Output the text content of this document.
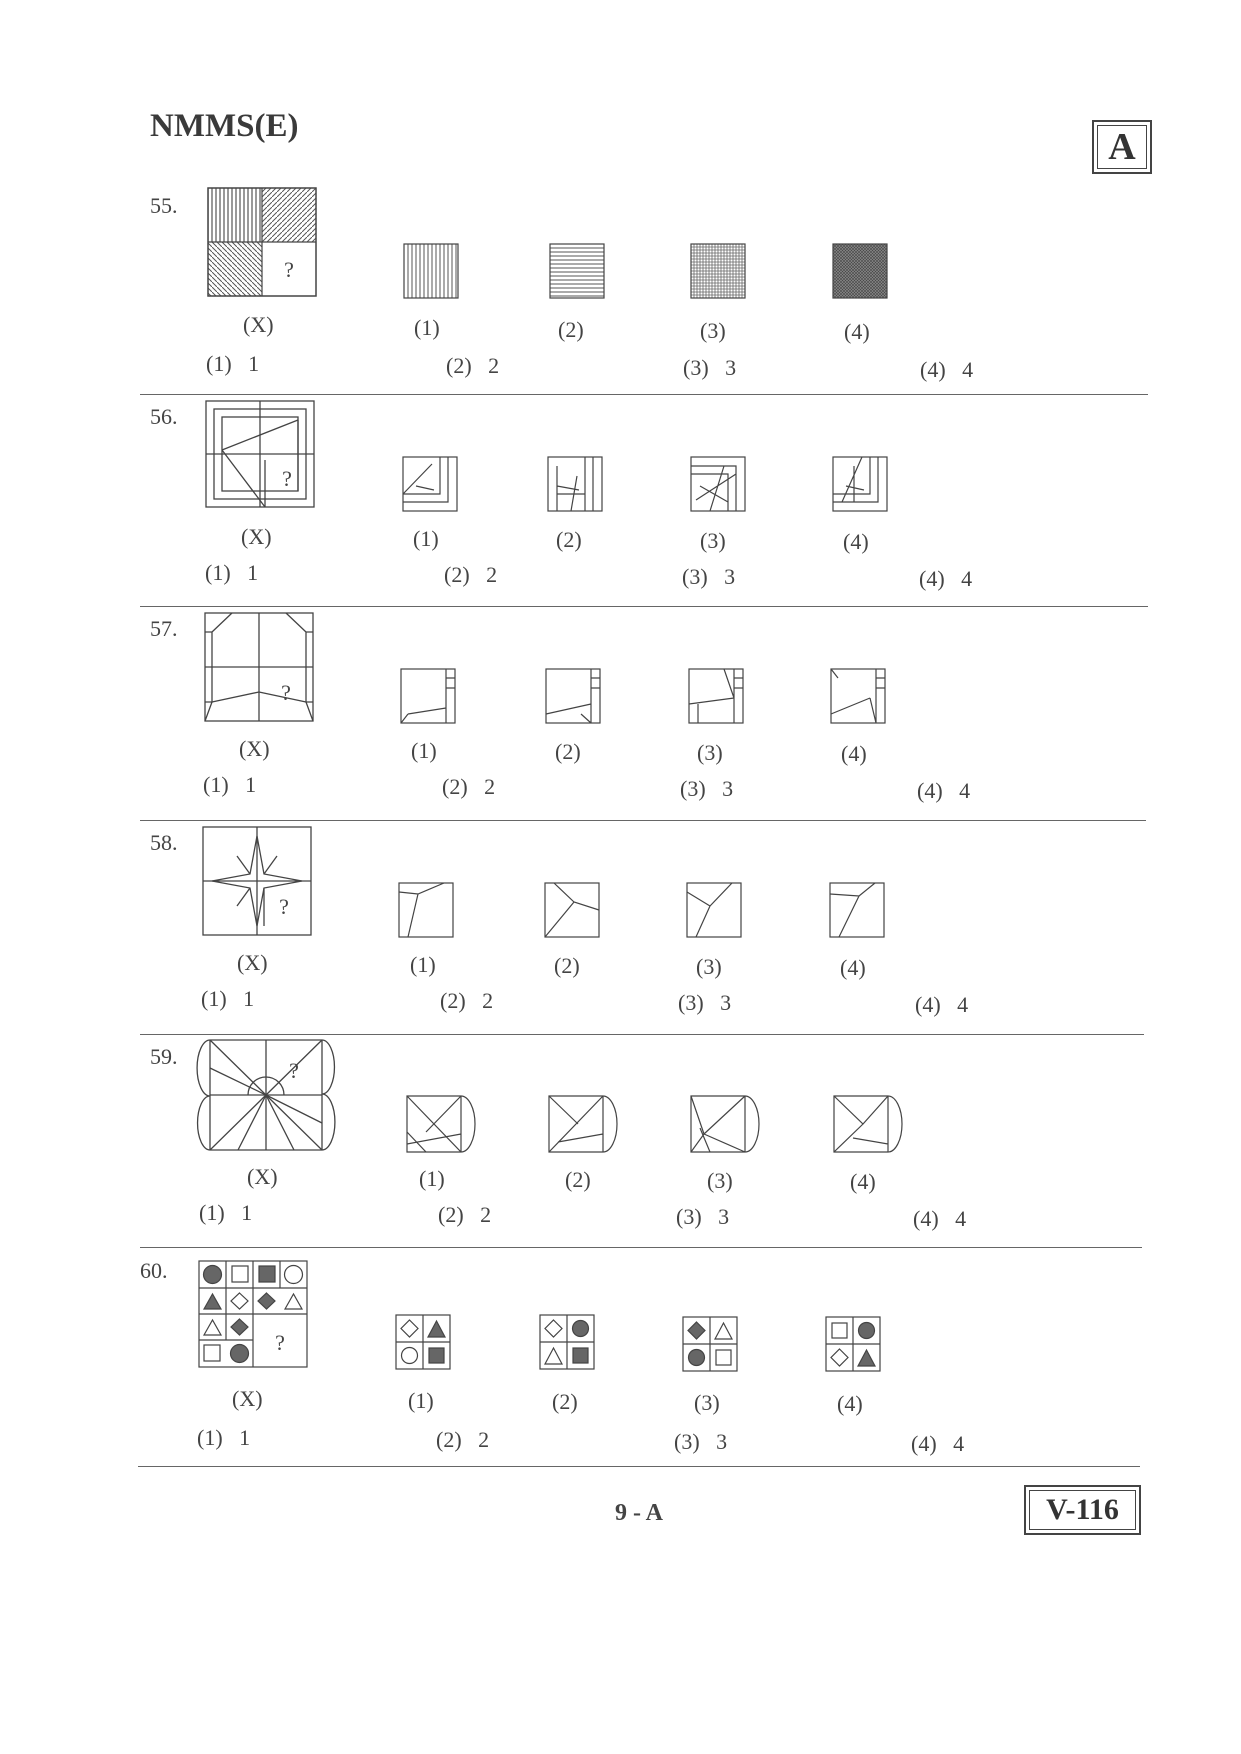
NMMS(E)	A
55.
?
(X)	(1)	(2)	(3)	(4)
(1) 1	(2) 2	(3) 3	(4) 4
56.
?
(X)	(1)	(2)	(3)	(4)
(1) 1	(2) 2	(3) 3	(4) 4
57.
?
(X)	(1)	(2)	(3)	(4)
(1) 1	(2) 2	(3) 3	(4) 4
58.
?
(X)	(1)	(2)	(3)	(4)
(1) 1	(2) 2	(3) 3	(4) 4
59.
?
(X)	(1)	(2)	(3)	(4)
(1) 1	(2) 2	(3) 3	(4) 4
60.
?
(X)	(1)	(2)	(3)	(4)
(1) 1	(2) 2	(3) 3	(4) 4
9 - A	V-116
